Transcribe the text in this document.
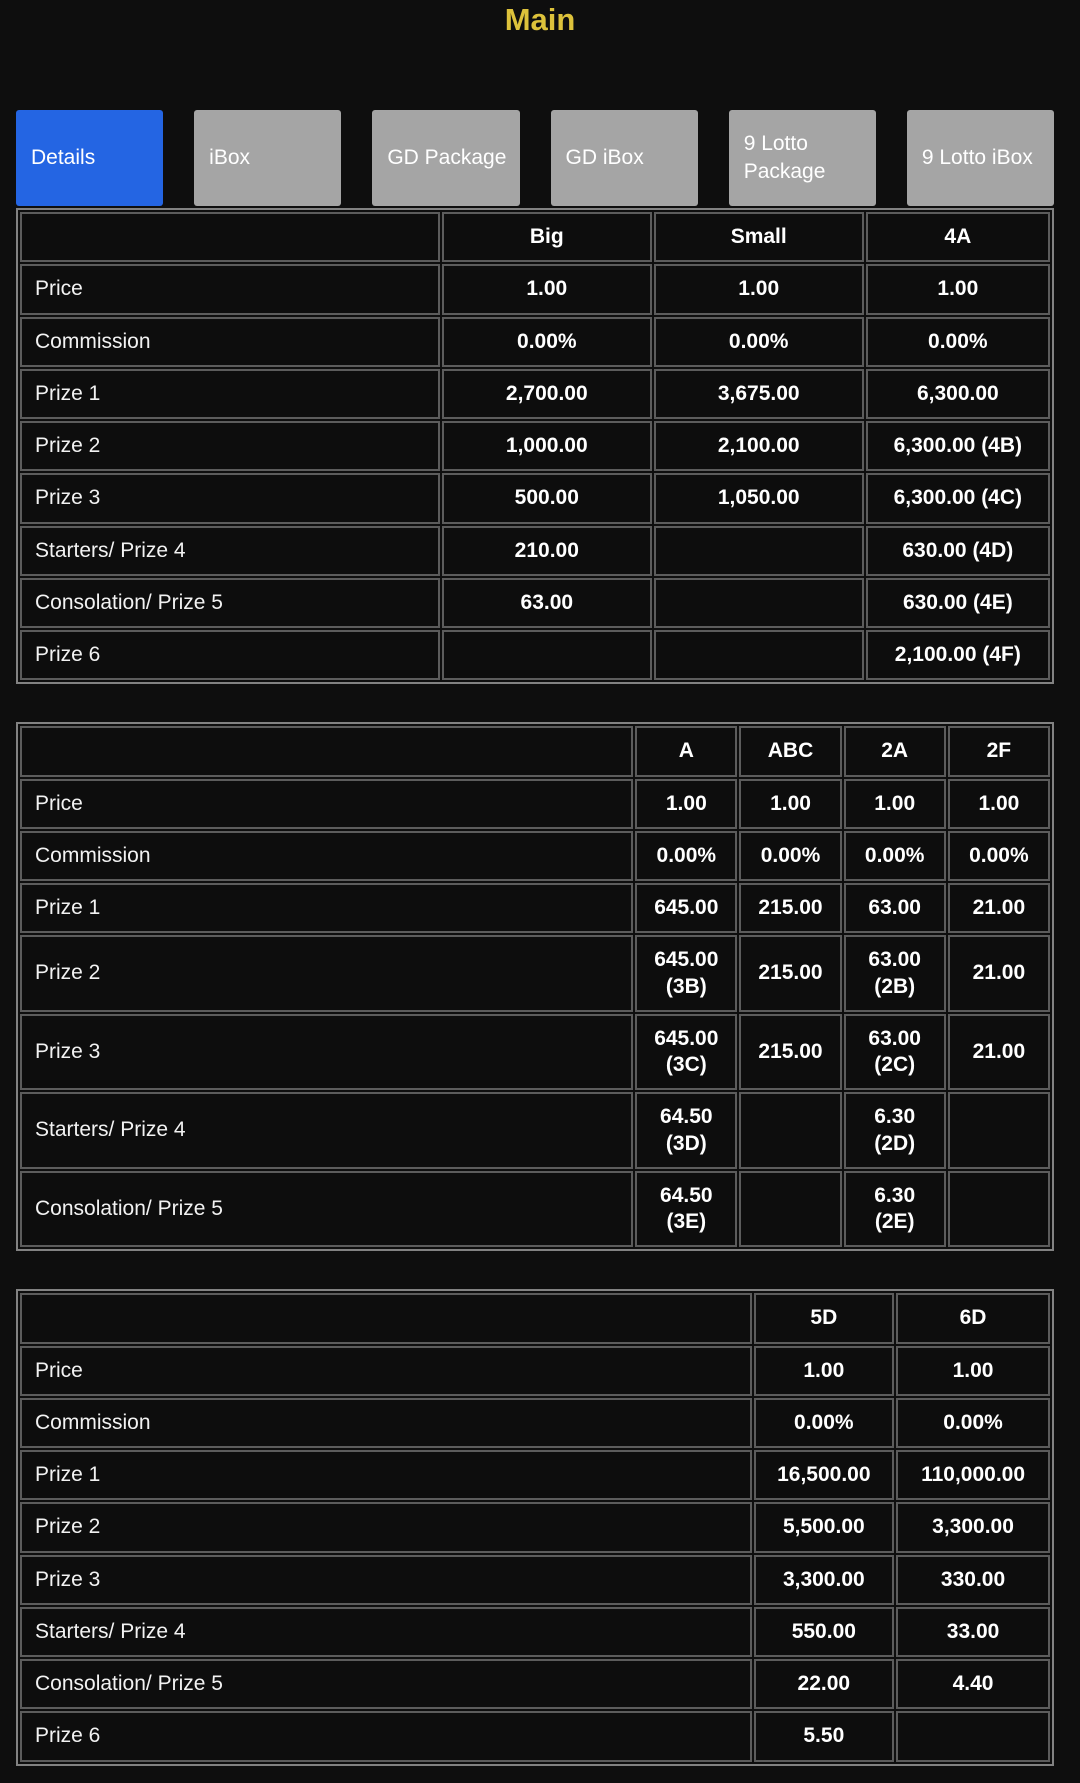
Main
Details	iBox	GD Package	GD iBox
9 Lotto Package
9 Lotto iBox
	Big	Small	4A
Price	1.00	1.00	1.00
Commission	0.00%	0.00%	0.00%
Prize 1	2,700.00	3,675.00	6,300.00
Prize 2	1,000.00	2,100.00	6,300.00 (4B)
Prize 3	500.00	1,050.00	6,300.00 (4C)
Starters/ Prize 4	210.00		630.00 (4D)
Consolation/ Prize 5	63.00		630.00 (4E)
Prize 6			2,100.00 (4F)
	A	ABC	2A	2F
Price	1.00	1.00	1.00	1.00
Commission	0.00%	0.00%	0.00%	0.00%
Prize 1	645.00	215.00	63.00	21.00
Prize 2	645.00 (3B)	215.00	63.00 (2B)	21.00
Prize 3	645.00 (3C)	215.00	63.00 (2C)	21.00
Starters/ Prize 4	64.50 (3D)		6.30 (2D)	
Consolation/ Prize 5	64.50 (3E)		6.30 (2E)	
	5D	6D
Price	1.00	1.00
Commission	0.00%	0.00%
Prize 1	16,500.00	110,000.00
Prize 2	5,500.00	3,300.00
Prize 3	3,300.00	330.00
Starters/ Prize 4	550.00	33.00
Consolation/ Prize 5	22.00	4.40
Prize 6	5.50	
